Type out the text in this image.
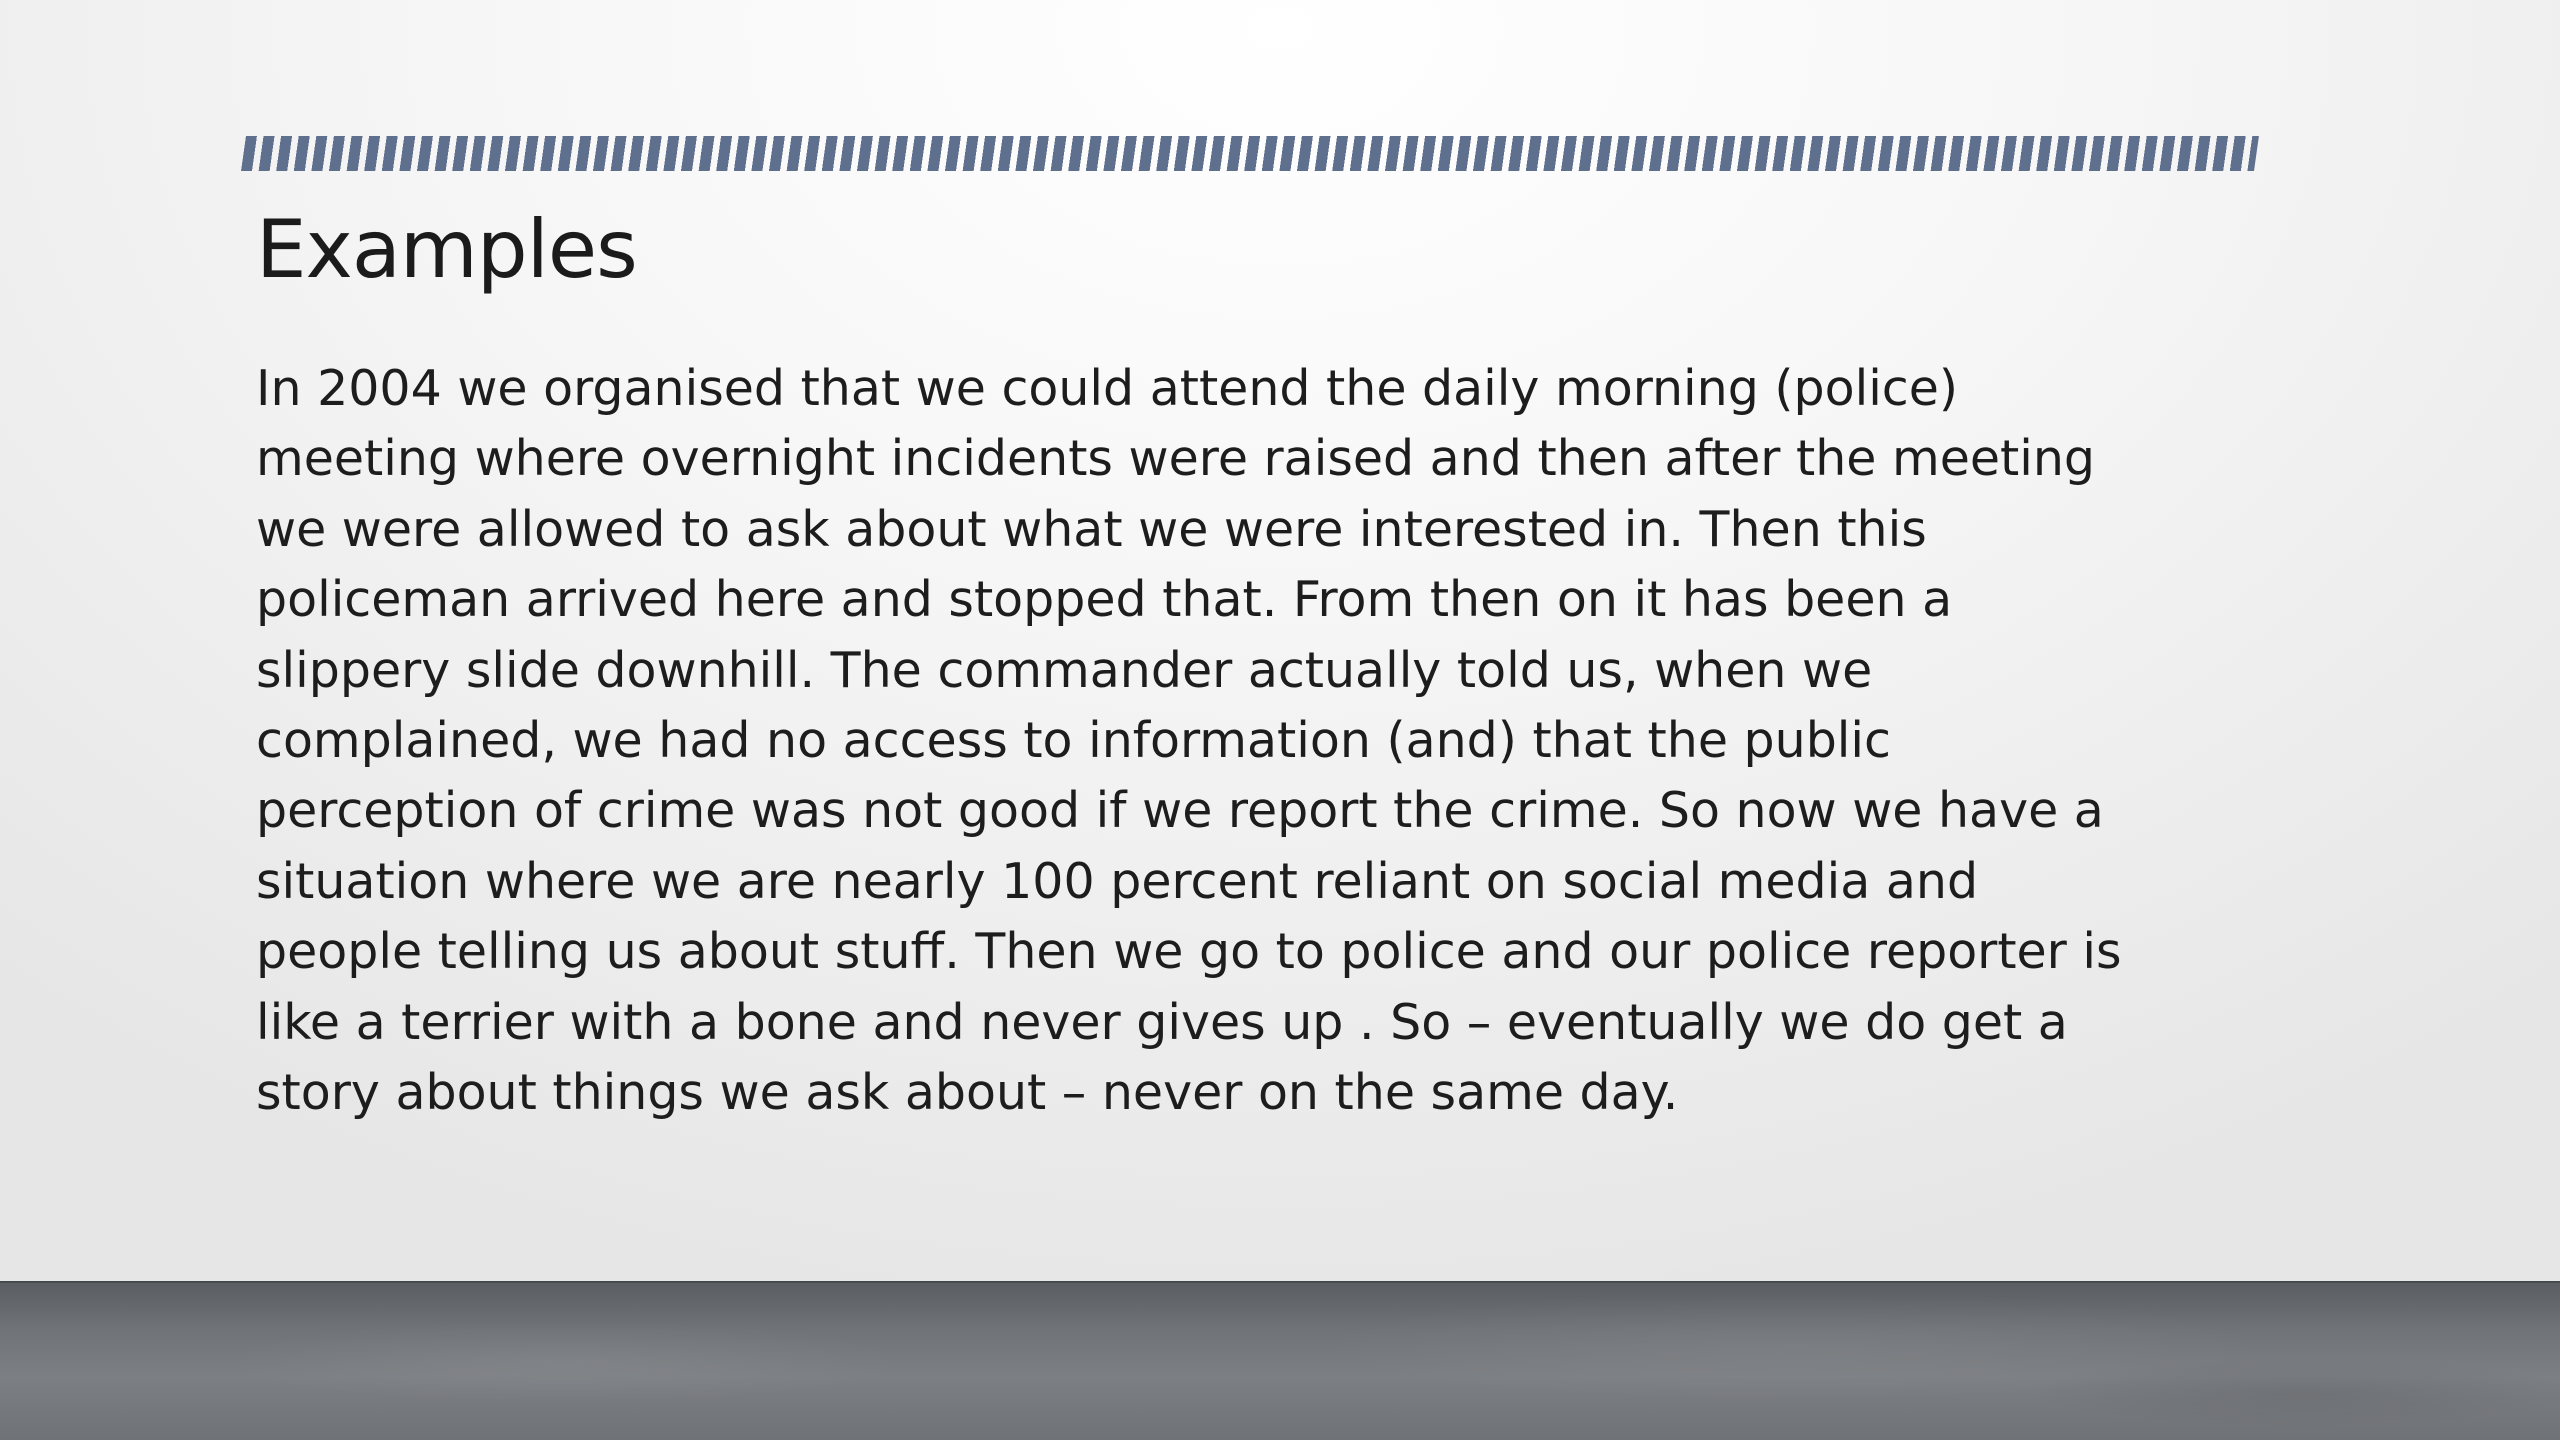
Examples
In 2004 we organised that we could attend the daily morning (police)
meeting where overnight incidents were raised and then after the meeting
we were allowed to ask about what we were interested in. Then this
policeman arrived here and stopped that. From then on it has been a
slippery slide downhill. The commander actually told us, when we
complained, we had no access to information (and) that the public
perception of crime was not good if we report the crime. So now we have a
situation where we are nearly 100 percent reliant on social media and
people telling us about stuff. Then we go to police and our police reporter is
like a terrier with a bone and never gives up . So – eventually we do get a
story about things we ask about – never on the same day.
